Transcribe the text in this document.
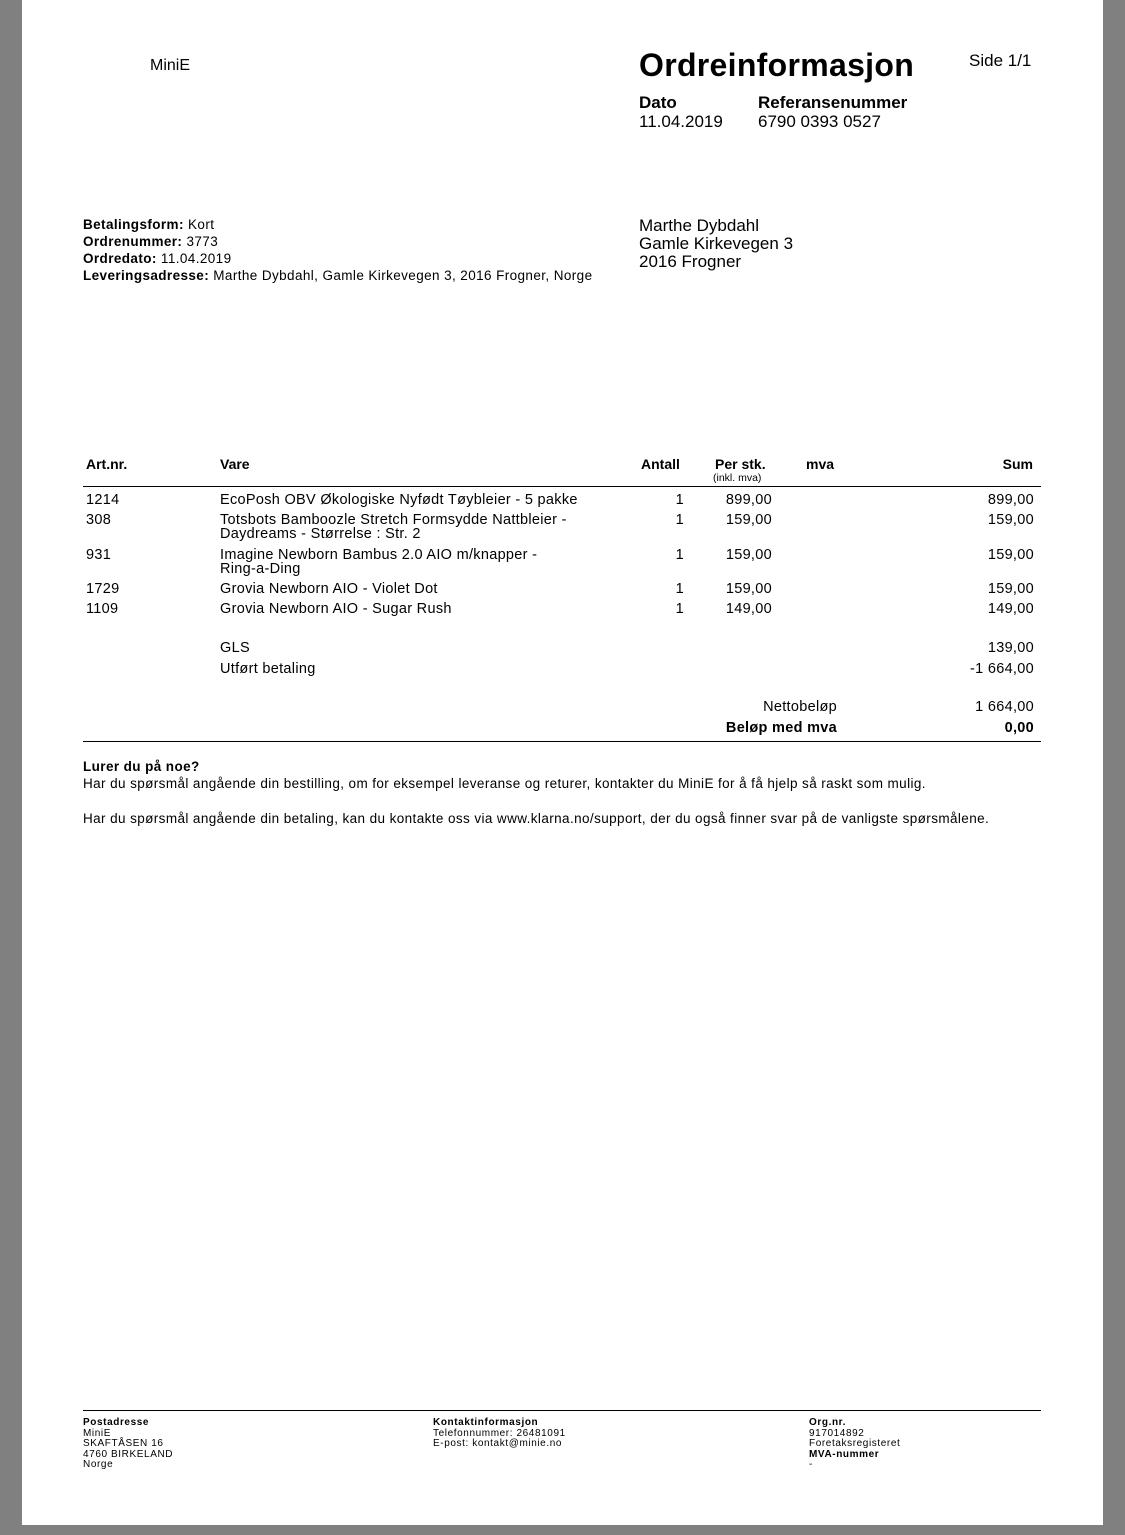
MiniE	Ordreinformasjon	Side 1/1
Dato
11.04.2019
Referansenummer
6790 0393 0527
Betalingsform: Kort
Ordrenummer: 3773
Ordredato: 11.04.2019
Leveringsadresse: Marthe Dybdahl, Gamle Kirkevegen 3, 2016 Frogner, Norge
Marthe Dybdahl
Gamle Kirkevegen 3
2016 Frogner
Art.nr.	Vare	Antall	Per stk.
(inkl. mva)
mva	Sum
1214	EcoPosh OBV Økologiske Nyfødt Tøybleier - 5 pakke	1	899,00	899,00
308	Totsbots Bamboozle Stretch Formsydde Nattbleier -
Daydreams - Størrelse : Str. 2
1	159,00	159,00
931	Imagine Newborn Bambus 2.0 AIO m/knapper -
Ring-a-Ding
1	159,00	159,00
1729	Grovia Newborn AIO - Violet Dot	1	159,00	159,00
1109	Grovia Newborn AIO - Sugar Rush	1	149,00	149,00
GLS	139,00
Utført betaling	-1 664,00
Nettobeløp	1 664,00
Beløp med mva	0,00
Lurer du på noe?
Har du spørsmål angående din bestilling, om for eksempel leveranse og returer, kontakter du MiniE for å få hjelp så raskt som mulig.
Har du spørsmål angående din betaling, kan du kontakte oss via www.klarna.no/support, der du også finner svar på de vanligste spørsmålene.
Postadresse
MiniE
SKAFTÅSEN 16
4760 BIRKELAND
Norge
Kontaktinformasjon
Telefonnummer: 26481091
E-post: kontakt@minie.no
Org.nr.
917014892
Foretaksregisteret
MVA-nummer
-
